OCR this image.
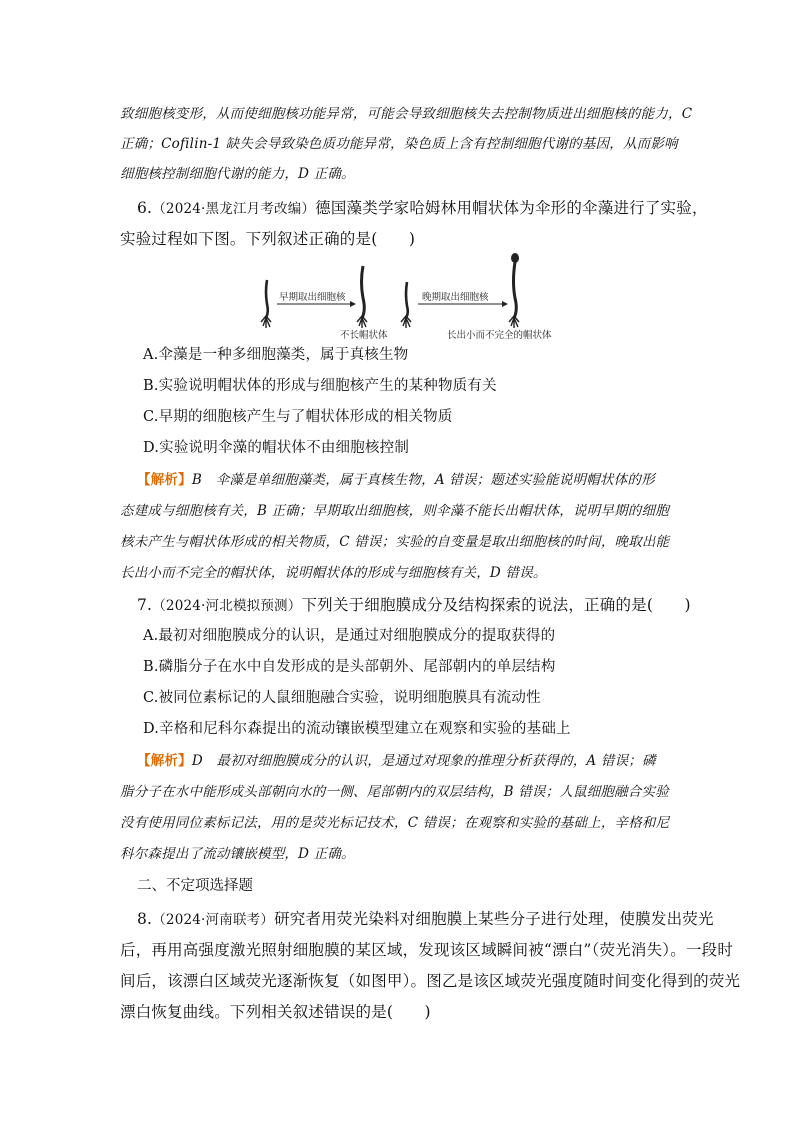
致细胞核变形，从而使细胞核功能异常，可能会导致细胞核失去控制物质进出细胞核的能力，C
正确；Cofilin-1 缺失会导致染色质功能异常，染色质上含有控制细胞代谢的基因，从而影响
细胞核控制细胞代谢的能力，D 正确。
6.（2024·黑龙江月考改编）德国藻类学家哈姆林用帽状体为伞形的伞藻进行了实验，
实验过程如下图。下列叙述正确的是(　　)
早期取出细胞核
不长帽状体
晚期取出细胞核
长出小而不完全的帽状体
A.伞藻是一种多细胞藻类，属于真核生物
B.实验说明帽状体的形成与细胞核产生的某种物质有关
C.早期的细胞核产生与了帽状体形成的相关物质
D.实验说明伞藻的帽状体不由细胞核控制
【解析】B　伞藻是单细胞藻类，属于真核生物，A 错误；题述实验能说明帽状体的形
态建成与细胞核有关，B 正确；早期取出细胞核，则伞藻不能长出帽状体，说明早期的细胞
核未产生与帽状体形成的相关物质，C 错误；实验的自变量是取出细胞核的时间，晚取出能
长出小而不完全的帽状体，说明帽状体的形成与细胞核有关，D 错误。
7.（2024·河北模拟预测）下列关于细胞膜成分及结构探索的说法，正确的是(　　)
A.最初对细胞膜成分的认识，是通过对细胞膜成分的提取获得的
B.磷脂分子在水中自发形成的是头部朝外、尾部朝内的单层结构
C.被同位素标记的人鼠细胞融合实验，说明细胞膜具有流动性
D.辛格和尼科尔森提出的流动镶嵌模型建立在观察和实验的基础上
【解析】D　最初对细胞膜成分的认识，是通过对现象的推理分析获得的，A 错误；磷
脂分子在水中能形成头部朝向水的一侧、尾部朝内的双层结构，B 错误；人鼠细胞融合实验
没有使用同位素标记法，用的是荧光标记技术，C 错误；在观察和实验的基础上，辛格和尼
科尔森提出了流动镶嵌模型，D 正确。
二、不定项选择题
8.（2024·河南联考）研究者用荧光染料对细胞膜上某些分子进行处理，使膜发出荧光
后，再用高强度激光照射细胞膜的某区域，发现该区域瞬间被“漂白”（荧光消失）。一段时
间后，该漂白区域荧光逐渐恢复（如图甲）。图乙是该区域荧光强度随时间变化得到的荧光
漂白恢复曲线。下列相关叙述错误的是(　　)
